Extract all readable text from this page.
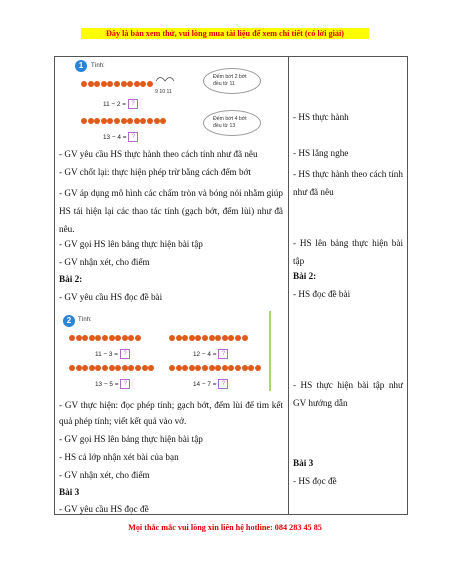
Đây là bản xem thử, vui lòng mua tài liệu để xem chi tiết (có lời giải)
1	Tính:
9 10 11
11 − 2 = ?
Đếm bớt 2 bớt đều từ 11
13 − 4 = ?
Đếm bớt 4 bớt đều từ 13
- GV yêu cầu HS thực hành theo cách tính như đã nêu
- GV chốt lại: thực hiện phép trừ bằng cách đếm bớt
- GV áp dụng mô hình các chấm tròn và bóng nói nhằm giúp HS tái hiện lại các thao tác tính (gạch bớt, đếm lùi) như đã nêu.
- GV gọi HS lên bảng thực hiện bài tập
- GV nhận xét, cho điểm
Bài 2:
- GV yêu cầu HS đọc đề bài
2	Tính:
11 − 3 = ?	12 − 4 = ?
13 − 5 = ?	14 − 7 = ?
- GV thực hiện: đọc phép tính; gạch bớt, đếm lùi để tìm kết quả phép tính; viết kết quả vào vở.
- GV gọi HS lên bảng thực hiện bài tập
- HS cả lớp nhận xét bài của bạn
- GV nhận xét, cho điểm
Bài 3
- GV yêu cầu HS đọc đề
- HS thực hành
- HS lắng nghe
- HS thực hành theo cách tính như đã nêu
- HS lên bảng thực hiện bài tập
Bài 2:
- HS đọc đề bài
- HS thực hiện bài tập như GV hướng dẫn
Bài 3
- HS đọc đề
Mọi thắc mắc vui lòng xin liên hệ hotline: 084 283 45 85
